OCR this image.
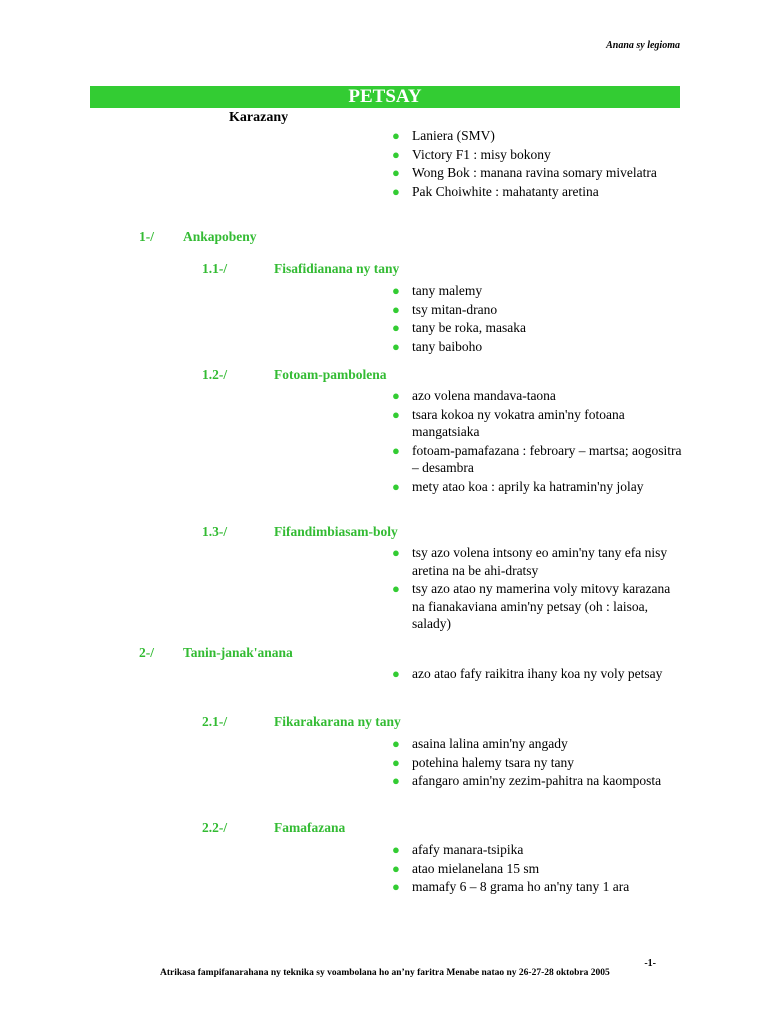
Anana sy legioma
PETSAY
Karazany
● Laniera (SMV)
● Victory F1 : misy bokony
● Wong Bok : manana ravina somary mivelatra
● Pak Choiwhite : mahatanty aretina
1-/ Ankapobeny
1.1-/	Fisafidianana ny tany
● tany malemy
● tsy mitan-drano
● tany be roka, masaka
● tany baiboho
1.2-/	Fotoam-pambolena
● azo volena mandava-taona
● tsara kokoa ny vokatra amin'ny fotoana mangatsiaka
● fotoam-pamafazana : febroary – martsa; aogositra – desambra
● mety atao koa : aprily ka hatramin'ny jolay
1.3-/	Fifandimbiasam-boly
● tsy azo volena intsony eo amin'ny tany efa nisy aretina na be ahi-dratsy
● tsy azo atao ny mamerina voly mitovy karazana na fianakaviana amin'ny petsay (oh : laisoa, salady)
2-/ Tanin-janak'anana
● azo atao fafy raikitra ihany koa ny voly petsay
2.1-/	Fikarakarana ny tany
● asaina lalina amin'ny angady
● potehina halemy tsara ny tany
● afangaro amin'ny zezim-pahitra na kaomposta
2.2-/	Famafazana
● afafy manara-tsipika
● atao mielanelana 15 sm
● mamafy 6 – 8 grama ho an'ny tany 1 ara
-1-
Atrikasa fampifanarahana ny teknika sy voambolana ho an’ny faritra Menabe natao ny 26-27-28 oktobra 2005
